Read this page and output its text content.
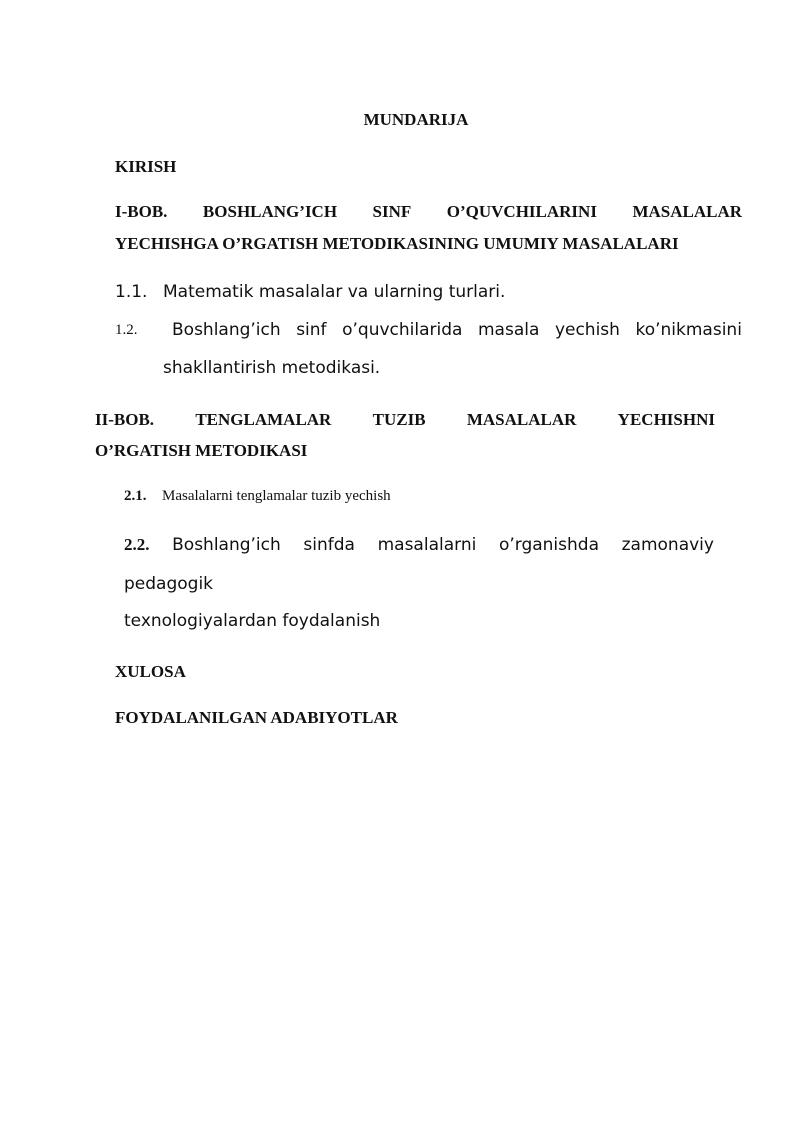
MUNDARIJA
KIRISH
I-BOB. BOSHLANG’ICH SINF O’QUVCHILARINI MASALALAR
YECHISHGA O’RGATISH METODIKASINING UMUMIY MASALALARI
1.1. Matematik masalalar va ularning turlari.
1.2. Boshlang’ich sinf o’quvchilarida masala yechish ko’nikmasini
shakllantirish metodikasi.
II-BOB. TENGLAMALAR TUZIB MASALALAR YECHISHNI
O’RGATISH METODIKASI
2.1. Masalalarni tenglamalar tuzib yechish
2.2. Boshlang’ich sinfda masalalarni o’rganishda zamonaviy
pedagogik
texnologiyalardan foydalanish
XULOSA
FOYDALANILGAN ADABIYOTLAR
